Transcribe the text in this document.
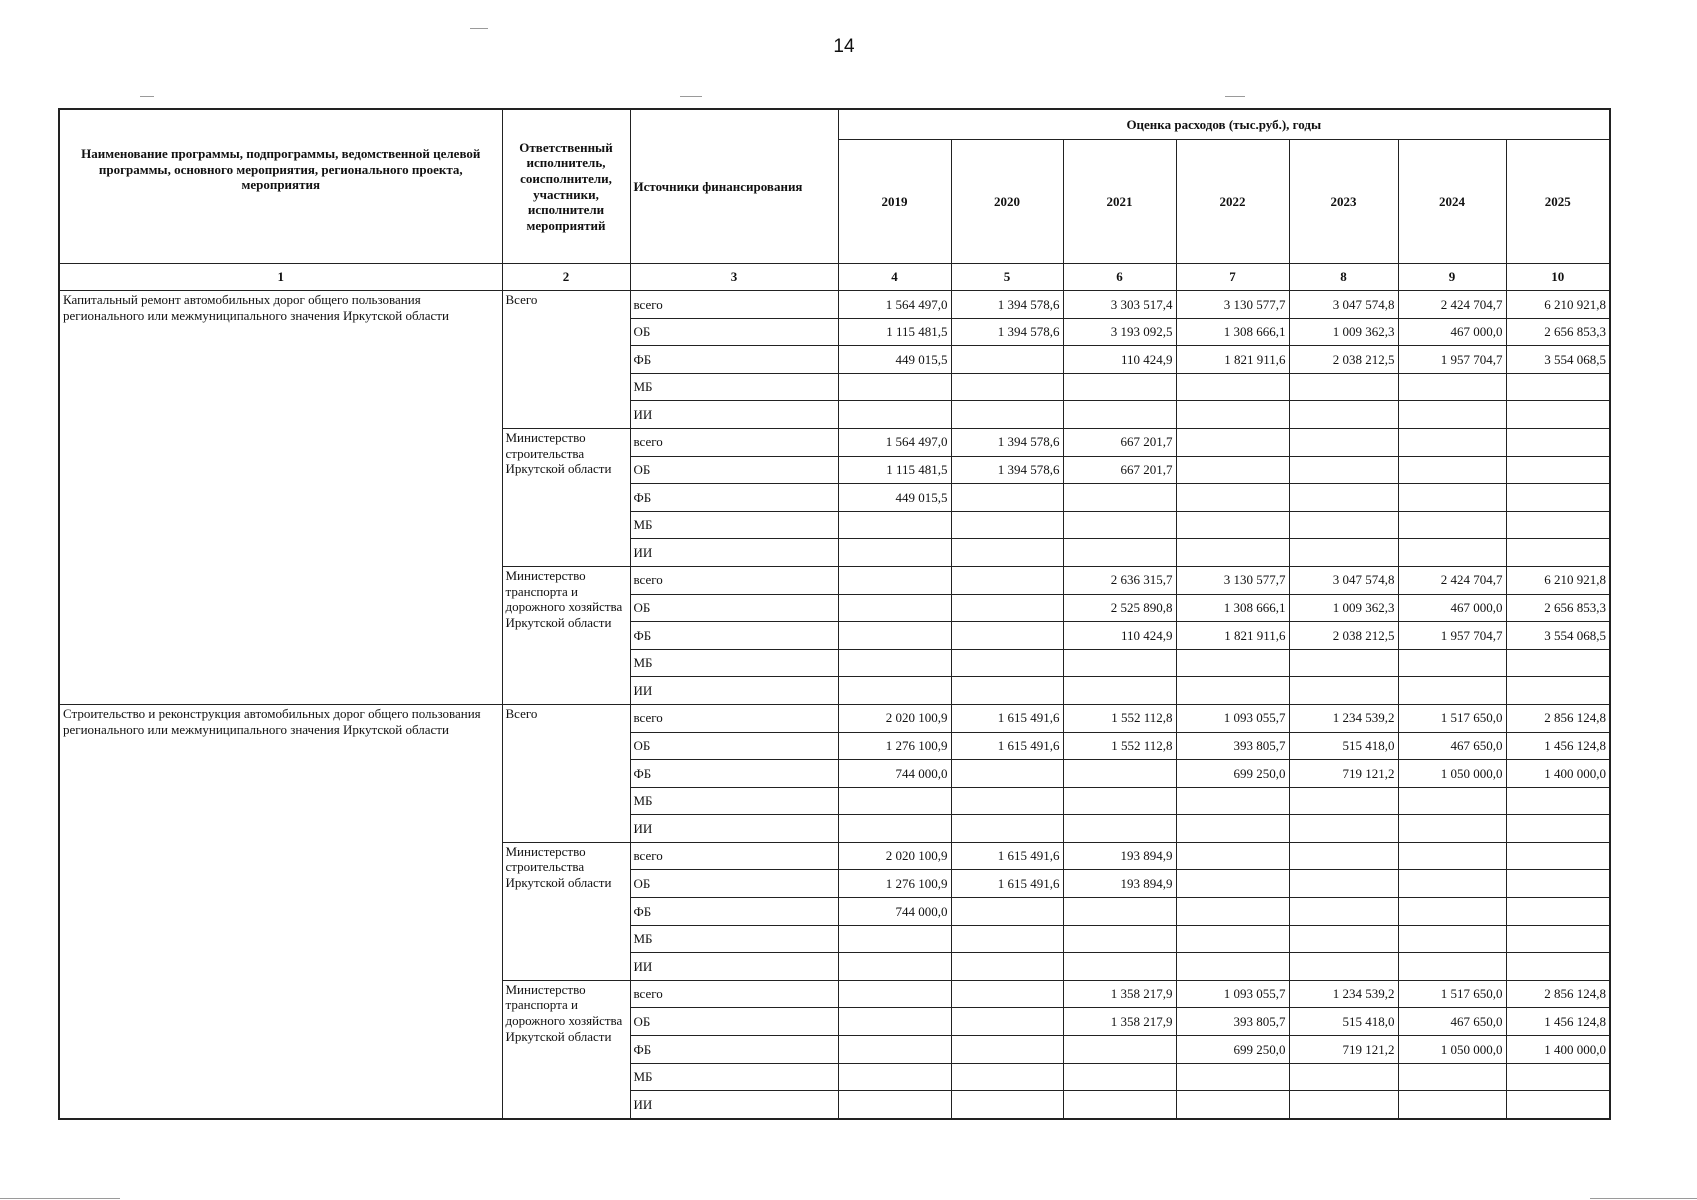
14
Наименование программы, подпрограммы, ведомственной целевой программы, основного мероприятия, регионального проекта, мероприятия	Ответственный исполнитель, соисполнители, участники, исполнители мероприятий	Источники финансирования	Оценка расходов (тыс.руб.), годы						
			2019	2020	2021	2022	2023	2024	2025
1	2	3	4	5	6	7	8	9	10
Капитальный ремонт автомобильных дорог общего пользования регионального или межмуниципального значения Иркутской области	Всего	всего	1 564 497,0	1 394 578,6	3 303 517,4	3 130 577,7	3 047 574,8	2 424 704,7	6 210 921,8
		ОБ	1 115 481,5	1 394 578,6	3 193 092,5	1 308 666,1	1 009 362,3	467 000,0	2 656 853,3
		ФБ	449 015,5		110 424,9	1 821 911,6	2 038 212,5	1 957 704,7	3 554 068,5
		МБ							
		ИИ							
	Министерство строительства Иркутской области	всего	1 564 497,0	1 394 578,6	667 201,7				
		ОБ	1 115 481,5	1 394 578,6	667 201,7				
		ФБ	449 015,5						
		МБ							
		ИИ							
	Министерство транспорта и дорожного хозяйства Иркутской области	всего			2 636 315,7	3 130 577,7	3 047 574,8	2 424 704,7	6 210 921,8
		ОБ			2 525 890,8	1 308 666,1	1 009 362,3	467 000,0	2 656 853,3
		ФБ			110 424,9	1 821 911,6	2 038 212,5	1 957 704,7	3 554 068,5
		МБ							
		ИИ							
Строительство и реконструкция автомобильных дорог общего пользования регионального или межмуниципального значения Иркутской области	Всего	всего	2 020 100,9	1 615 491,6	1 552 112,8	1 093 055,7	1 234 539,2	1 517 650,0	2 856 124,8
		ОБ	1 276 100,9	1 615 491,6	1 552 112,8	393 805,7	515 418,0	467 650,0	1 456 124,8
		ФБ	744 000,0			699 250,0	719 121,2	1 050 000,0	1 400 000,0
		МБ							
		ИИ							
	Министерство строительства Иркутской области	всего	2 020 100,9	1 615 491,6	193 894,9				
		ОБ	1 276 100,9	1 615 491,6	193 894,9				
		ФБ	744 000,0						
		МБ							
		ИИ							
	Министерство транспорта и дорожного хозяйства Иркутской области	всего			1 358 217,9	1 093 055,7	1 234 539,2	1 517 650,0	2 856 124,8
		ОБ			1 358 217,9	393 805,7	515 418,0	467 650,0	1 456 124,8
		ФБ				699 250,0	719 121,2	1 050 000,0	1 400 000,0
		МБ							
		ИИ							
